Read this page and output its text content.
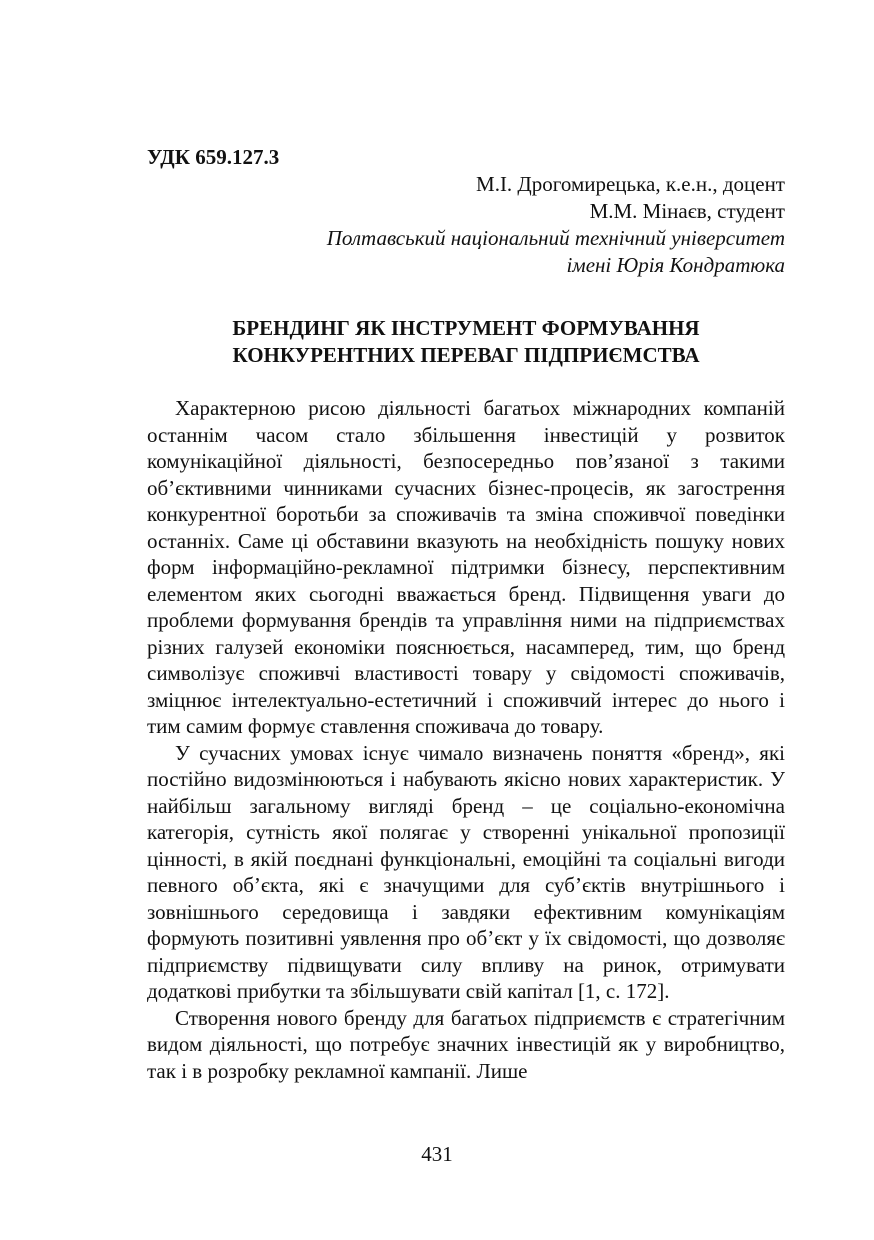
УДК 659.127.3

М.І. Дрогомирецька, к.е.н., доцент
М.М. Мінаєв, студент
Полтавський національний технічний університет
імені Юрія Кондратюка
БРЕНДИНГ ЯК ІНСТРУМЕНТ ФОРМУВАННЯ
КОНКУРЕНТНИХ ПЕРЕВАГ ПІДПРИЄМСТВА

Характерною рисою діяльності багатьох міжнародних компаній останнім часом стало збільшення інвестицій у розвиток комунікаційної діяльності, безпосередньо пов’язаної з такими об’єктивними чинниками сучасних бізнес-процесів, як загострення конкурентної боротьби за споживачів та зміна споживчої поведінки останніх. Саме ці обставини вказують на необхідність пошуку нових форм інформаційно-рекламної підтримки бізнесу, перспективним елементом яких сьогодні вважається бренд. Підвищення уваги до проблеми формування брендів та управління ними на підприємствах різних галузей економіки пояснюється, насамперед, тим, що бренд символізує споживчі властивості товару у свідомості споживачів, зміцнює інтелектуально-естетичний і споживчий інтерес до нього і тим самим формує ставлення споживача до товару.

У сучасних умовах існує чимало визначень поняття «бренд», які постійно видозмінюються і набувають якісно нових характеристик. У найбільш загальному вигляді бренд – це соціально-економічна категорія, сутність якої полягає у створенні унікальної пропозиції цінності, в якій поєднані функціональні, емоційні та соціальні вигоди певного об’єкта, які є значущими для суб’єктів внутрішнього і зовнішнього середовища і завдяки ефективним комунікаціям формують позитивні уявлення про об’єкт у їх свідомості, що дозволяє підприємству підвищувати силу впливу на ринок, отримувати додаткові прибутки та збільшувати свій капітал [1, с. 172].

Створення нового бренду для багатьох підприємств є стратегічним видом діяльності, що потребує значних інвестицій як у виробництво, так і в розробку рекламної кампанії. Лише

431
